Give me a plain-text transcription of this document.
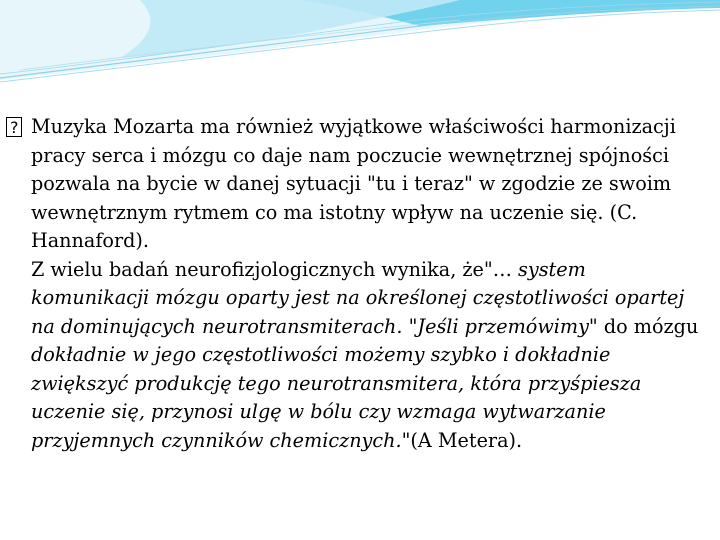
?Muzyka Mozarta ma również wyjątkowe właściwości harmonizacji pracy serca i mózgu co daje nam poczucie wewnętrznej spójności pozwala na bycie w danej sytuacji "tu i teraz" w zgodzie ze swoim wewnętrznym rytmem co ma istotny wpływ na uczenie się. (C. Hannaford).

Z wielu badań neurofizjologicznych wynika, że"… system komunikacji mózgu oparty jest na określonej częstotliwości opartej na dominujących neurotransmiterach. "Jeśli przemówimy" do mózgu dokładnie w jego częstotliwości możemy szybko i dokładnie zwiększyć produkcję tego neurotransmitera, która przyśpiesza uczenie się, przynosi ulgę w bólu czy wzmaga wytwarzanie przyjemnych czynników chemicznych."(A Metera).
